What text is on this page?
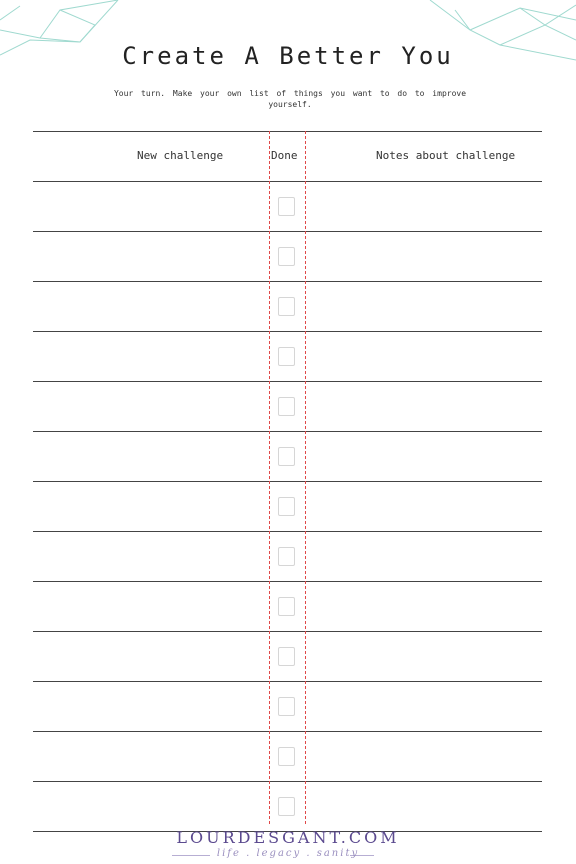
Create A Better You
Your turn. Make your own list of things you want to do to improve yourself.
New challenge	Done	Notes about challenge
LOURDESGANT.COM
life . legacy . sanity
